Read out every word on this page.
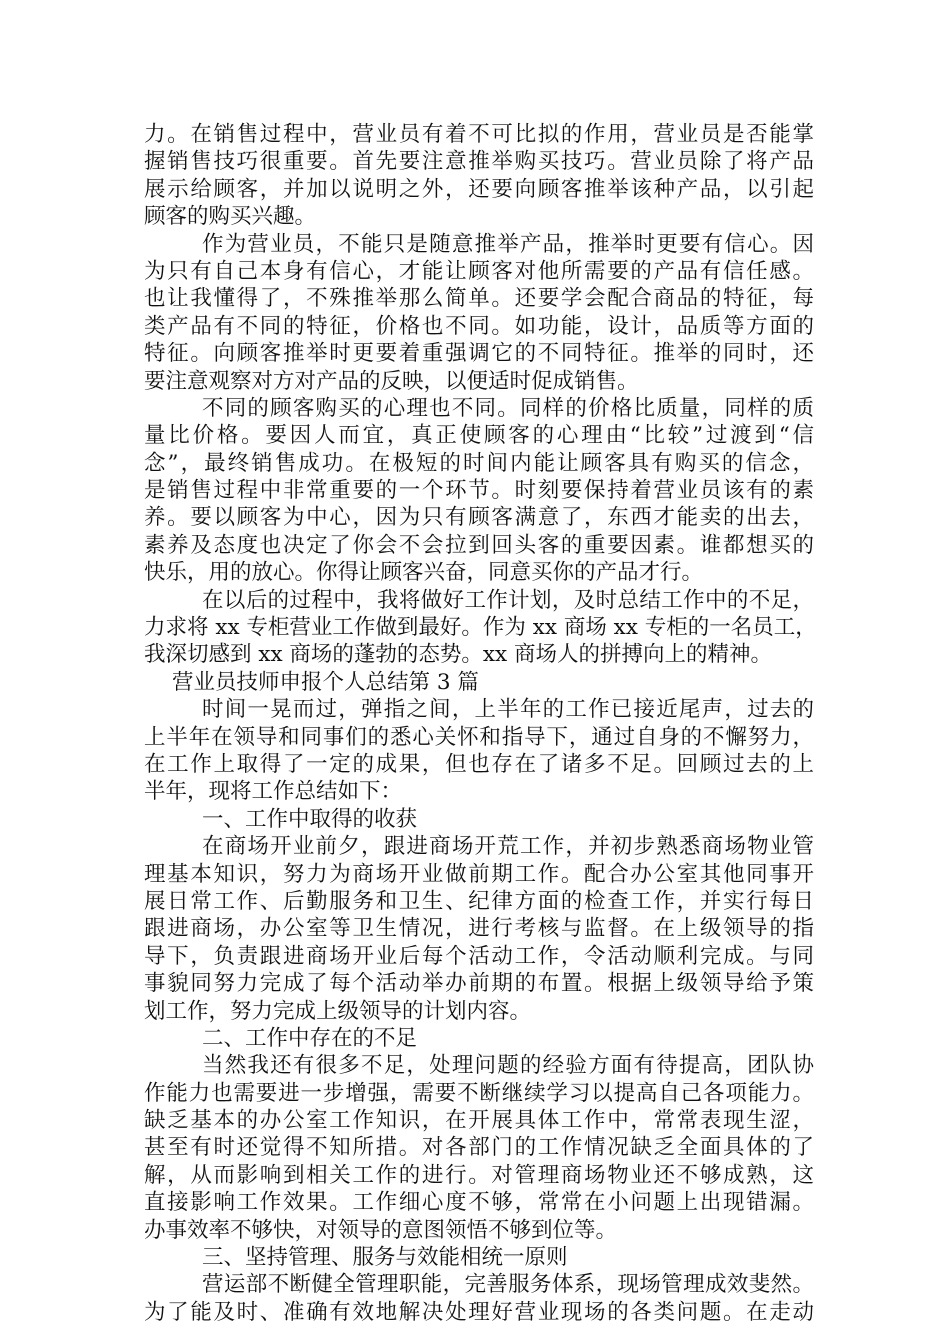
力。在销售过程中，营业员有着不可比拟的作用，营业员是否能掌
握销售技巧很重要。首先要注意推举购买技巧。营业员除了将产品
展示给顾客，并加以说明之外，还要向顾客推举该种产品，以引起
顾客的购买兴趣。
作为营业员，不能只是随意推举产品，推举时更要有信心。因
为只有自己本身有信心，才能让顾客对他所需要的产品有信任感。
也让我懂得了，不殊推举那么简单。还要学会配合商品的特征，每
类产品有不同的特征，价格也不同。如功能，设计，品质等方面的
特征。向顾客推举时更要着重强调它的不同特征。推举的同时，还
要注意观察对方对产品的反映，以便适时促成销售。
不同的顾客购买的心理也不同。同样的价格比质量，同样的质
量比价格。要因人而宜，真正使顾客的心理由“比较”过渡到“信
念”，最终销售成功。在极短的时间内能让顾客具有购买的信念，
是销售过程中非常重要的一个环节。时刻要保持着营业员该有的素
养。要以顾客为中心，因为只有顾客满意了，东西才能卖的出去，
素养及态度也决定了你会不会拉到回头客的重要因素。谁都想买的
快乐，用的放心。你得让顾客兴奋，同意买你的产品才行。
在以后的过程中，我将做好工作计划，及时总结工作中的不足，
力求将 xx 专柜营业工作做到最好。作为 xx 商场 xx 专柜的一名员工，
我深切感到 xx 商场的蓬勃的态势。xx 商场人的拼搏向上的精神。
营业员技师申报个人总结第 3 篇
时间一晃而过，弹指之间，上半年的工作已接近尾声，过去的
上半年在领导和同事们的悉心关怀和指导下，通过自身的不懈努力，
在工作上取得了一定的成果，但也存在了诸多不足。回顾过去的上
半年，现将工作总结如下：
一、工作中取得的收获
在商场开业前夕，跟进商场开荒工作，并初步熟悉商场物业管
理基本知识，努力为商场开业做前期工作。配合办公室其他同事开
展日常工作、后勤服务和卫生、纪律方面的检查工作，并实行每日
跟进商场，办公室等卫生情况，进行考核与监督。在上级领导的指
导下，负责跟进商场开业后每个活动工作，令活动顺利完成。与同
事貌同努力完成了每个活动举办前期的布置。根据上级领导给予策
划工作，努力完成上级领导的计划内容。
二、工作中存在的不足
当然我还有很多不足，处理问题的经验方面有待提高，团队协
作能力也需要进一步增强，需要不断继续学习以提高自己各项能力。
缺乏基本的办公室工作知识，在开展具体工作中，常常表现生涩，
甚至有时还觉得不知所措。对各部门的工作情况缺乏全面具体的了
解，从而影响到相关工作的进行。对管理商场物业还不够成熟，这
直接影响工作效果。工作细心度不够，常常在小问题上出现错漏。
办事效率不够快，对领导的意图领悟不够到位等。
三、坚持管理、服务与效能相统一原则
营运部不断健全管理职能，完善服务体系，现场管理成效斐然。
为了能及时、准确有效地解决处理好营业现场的各类问题。在走动
